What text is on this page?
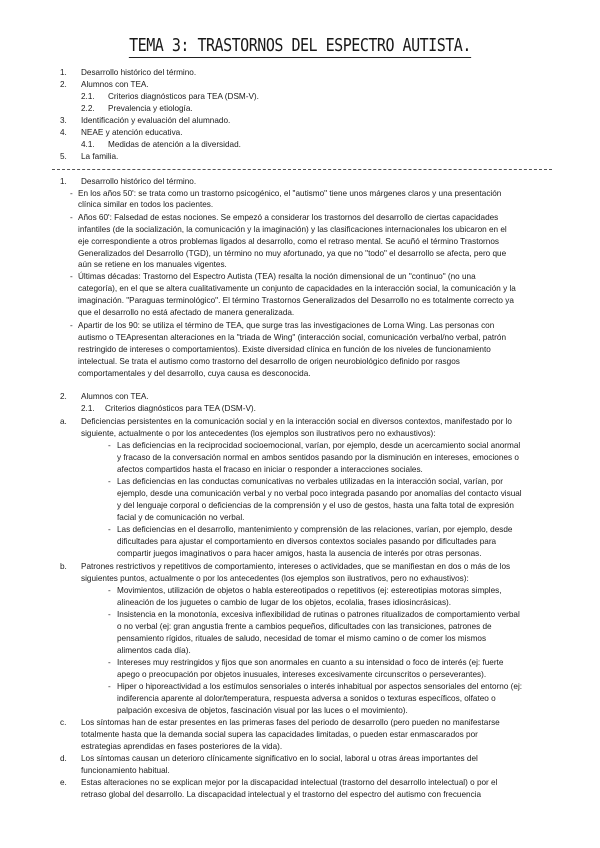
TEMA 3: TRASTORNOS DEL ESPECTRO AUTISTA.
1. Desarrollo histórico del término.
2. Alumnos con TEA.
2.1. Criterios diagnósticos para TEA (DSM-V).
2.2. Prevalencia y etiología.
3. Identificación y evaluación del alumnado.
4. NEAE y atención educativa.
4.1. Medidas de atención a la diversidad.
5. La familia.
1. Desarrollo histórico del término.
- En los años 50': se trata como un trastorno psicogénico, el "autismo" tiene unos márgenes claros y una presentación
clínica similar en todos los pacientes.
- Años 60': Falsedad de estas nociones. Se empezó a considerar los trastornos del desarrollo de ciertas capacidades
infantiles (de la socialización, la comunicación y la imaginación) y las clasificaciones internacionales los ubicaron en el
eje correspondiente a otros problemas ligados al desarrollo, como el retraso mental. Se acuñó el término Trastornos
Generalizados del Desarrollo (TGD), un término no muy afortunado, ya que no "todo" el desarrollo se afecta, pero que
aún se retiene en los manuales vigentes.
- Últimas décadas: Trastorno del Espectro Autista (TEA) resalta la noción dimensional de un "continuo" (no una
categoría), en el que se altera cualitativamente un conjunto de capacidades en la interacción social, la comunicación y la
imaginación. "Paraguas terminológico". El término Trastornos Generalizados del Desarrollo no es totalmente correcto ya
que el desarrollo no está afectado de manera generalizada.
- Apartir de los 90: se utiliza el término de TEA, que surge tras las investigaciones de Lorna Wing. Las personas con
autismo o TEApresentan alteraciones en la "triada de Wing" (interacción social, comunicación verbal/no verbal, patrón
restringido de intereses o comportamientos). Existe diversidad clínica en función de los niveles de funcionamiento
intelectual. Se trata el autismo como trastorno del desarrollo de origen neurobiológico definido por rasgos
comportamentales y del desarrollo, cuya causa es desconocida.
2. Alumnos con TEA.
2.1. Criterios diagnósticos para TEA (DSM-V).
a. Deficiencias persistentes en la comunicación social y en la interacción social en diversos contextos, manifestado por lo
siguiente, actualmente o por los antecedentes (los ejemplos son ilustrativos pero no exhaustivos):
- Las deficiencias en la reciprocidad socioemocional, varían, por ejemplo, desde un acercamiento social anormal
y fracaso de la conversación normal en ambos sentidos pasando por la disminución en intereses, emociones o
afectos compartidos hasta el fracaso en iniciar o responder a interacciones sociales.
- Las deficiencias en las conductas comunicativas no verbales utilizadas en la interacción social, varían, por
ejemplo, desde una comunicación verbal y no verbal poco integrada pasando por anomalías del contacto visual
y del lenguaje corporal o deficiencias de la comprensión y el uso de gestos, hasta una falta total de expresión
facial y de comunicación no verbal.
- Las deficiencias en el desarrollo, mantenimiento y comprensión de las relaciones, varían, por ejemplo, desde
dificultades para ajustar el comportamiento en diversos contextos sociales pasando por dificultades para
compartir juegos imaginativos o para hacer amigos, hasta la ausencia de interés por otras personas.
b. Patrones restrictivos y repetitivos de comportamiento, intereses o actividades, que se manifiestan en dos o más de los
siguientes puntos, actualmente o por los antecedentes (los ejemplos son ilustrativos, pero no exhaustivos):
- Movimientos, utilización de objetos o habla estereotipados o repetitivos (ej: estereotipias motoras simples,
alineación de los juguetes o cambio de lugar de los objetos, ecolalia, frases idiosincrásicas).
- Insistencia en la monotonía, excesiva inflexibilidad de rutinas o patrones ritualizados de comportamiento verbal
o no verbal (ej: gran angustia frente a cambios pequeños, dificultades con las transiciones, patrones de
pensamiento rígidos, rituales de saludo, necesidad de tomar el mismo camino o de comer los mismos
alimentos cada día).
- Intereses muy restringidos y fijos que son anormales en cuanto a su intensidad o foco de interés (ej: fuerte
apego o preocupación por objetos inusuales, intereses excesivamente circunscritos o perseverantes).
- Hiper o hiporeactividad a los estímulos sensoriales o interés inhabitual por aspectos sensoriales del entorno (ej:
indiferencia aparente al dolor/temperatura, respuesta adversa a sonidos o texturas específicos, olfateo o
palpación excesiva de objetos, fascinación visual por las luces o el movimiento).
c. Los síntomas han de estar presentes en las primeras fases del periodo de desarrollo (pero pueden no manifestarse
totalmente hasta que la demanda social supera las capacidades limitadas, o pueden estar enmascarados por
estrategias aprendidas en fases posteriores de la vida).
d. Los síntomas causan un deterioro clínicamente significativo en lo social, laboral u otras áreas importantes del
funcionamiento habitual.
e. Estas alteraciones no se explican mejor por la discapacidad intelectual (trastorno del desarrollo intelectual) o por el
retraso global del desarrollo. La discapacidad intelectual y el trastorno del espectro del autismo con frecuencia
